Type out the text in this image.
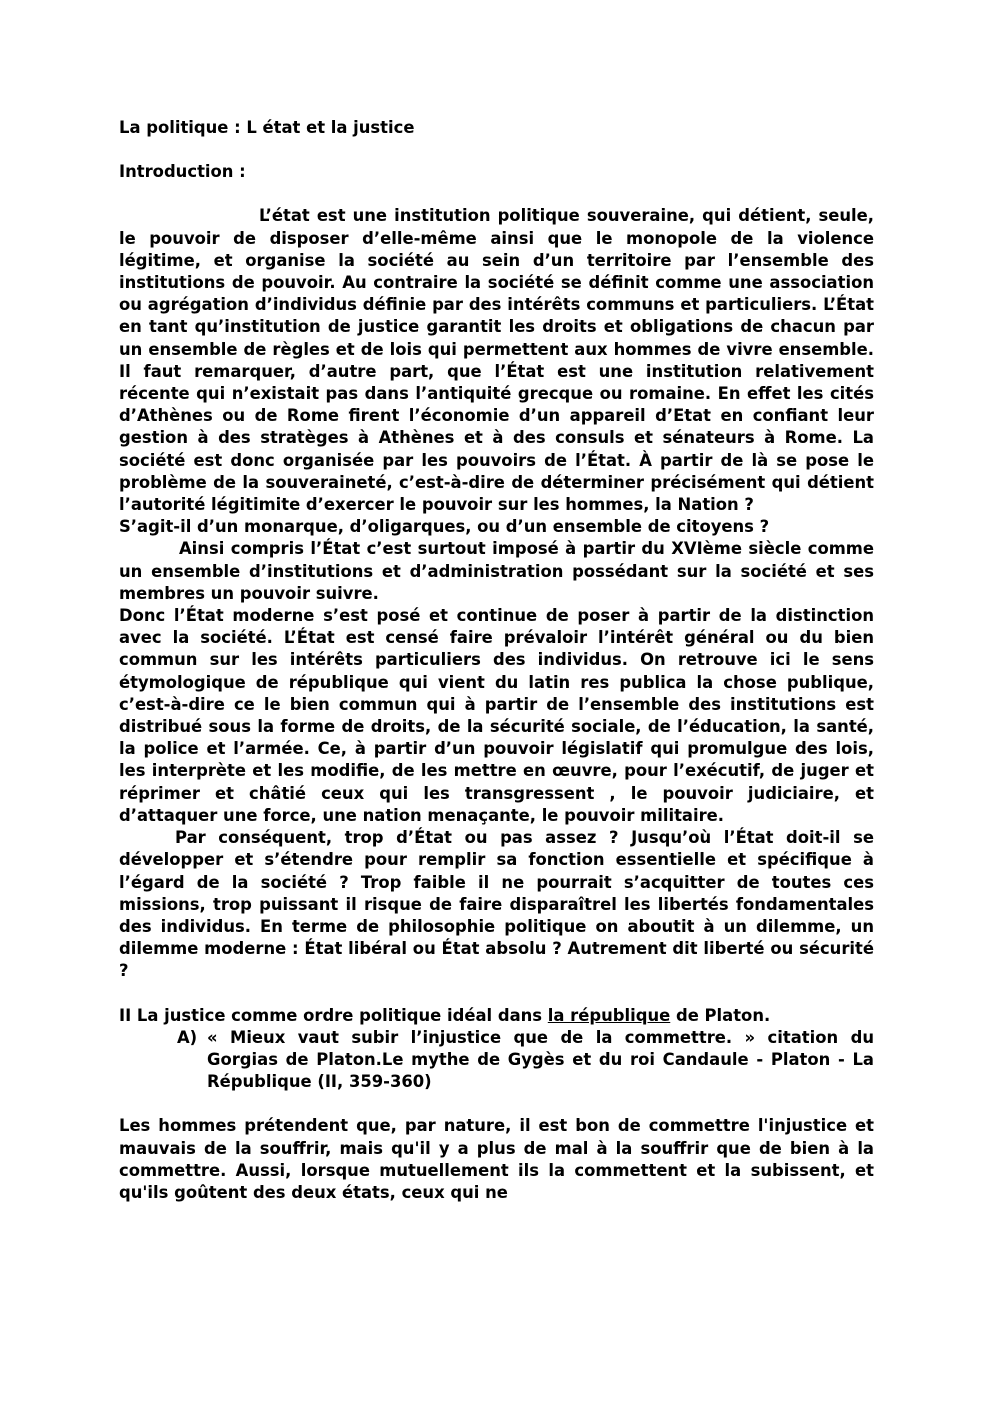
La politique : L état et la justice

Introduction :

L’état est une institution politique souveraine, qui détient, seule, le pouvoir de disposer d’elle-même ainsi que le monopole de la violence légitime, et organise la société au sein d’un territoire par l’ensemble des institutions de pouvoir. Au contraire la société se définit comme une association ou agrégation d’individus définie par des intérêts communs et particuliers. L’État en tant qu’institution de justice garantit les droits et obligations de chacun par un ensemble de règles et de lois qui permettent aux hommes de vivre ensemble. Il faut remarquer, d’autre part, que l’État est une institution relativement récente qui n’existait pas dans l’antiquité grecque ou romaine. En effet les cités d’Athènes ou de Rome firent l’économie d’un appareil d’Etat en confiant leur gestion à des stratèges à Athènes et à des consuls et sénateurs à Rome. La société est donc organisée par les pouvoirs de l’État. À partir de là se pose le problème de la souveraineté, c’est-à-dire de déterminer précisément qui détient l’autorité légitimite d’exercer le pouvoir sur les hommes, la Nation ?

S’agit-il d’un monarque, d’oligarques, ou d’un ensemble de citoyens ?

Ainsi compris l’État c’est surtout imposé à partir du XVIème siècle comme un ensemble d’institutions et d’administration possédant sur la société et ses membres un pouvoir suivre.

Donc l’État moderne s’est posé et continue de poser à partir de la distinction avec la société. L’État est censé faire prévaloir l’intérêt général ou du bien commun sur les intérêts particuliers des individus. On retrouve ici le sens étymologique de république qui vient du latin res publica la chose publique, c’est-à-dire ce le bien commun qui à partir de l’ensemble des institutions est distribué sous la forme de droits, de la sécurité sociale, de l’éducation, la santé, la police et l’armée. Ce, à partir d’un pouvoir législatif qui promulgue des lois, les interprète et les modifie, de les mettre en œuvre, pour l’exécutif, de juger et réprimer et châtié ceux qui les transgressent , le pouvoir judiciaire, et d’attaquer une force, une nation menaçante, le pouvoir militaire.

Par conséquent, trop d’État ou pas assez ? Jusqu’où l’État doit-il se développer et s’étendre pour remplir sa fonction essentielle et spécifique à l’égard de la société ? Trop faible il ne pourrait s’acquitter de toutes ces missions, trop puissant il risque de faire disparaîtrel les libertés fondamentales des individus. En terme de philosophie politique on aboutit à un dilemme, un dilemme moderne : État libéral ou État absolu ? Autrement dit liberté ou sécurité ?

II La justice comme ordre politique idéal dans la république de Platon.

A) « Mieux vaut subir l’injustice que de la commettre. » citation du Gorgias de Platon.Le mythe de Gygès et du roi Candaule - Platon - La République (II, 359-360)

Les hommes prétendent que, par nature, il est bon de commettre l'injustice et mauvais de la souffrir, mais qu'il y a plus de mal à la souffrir que de bien à la commettre. Aussi, lorsque mutuellement ils la commettent et la subissent, et qu'ils goûtent des deux états, ceux qui ne
